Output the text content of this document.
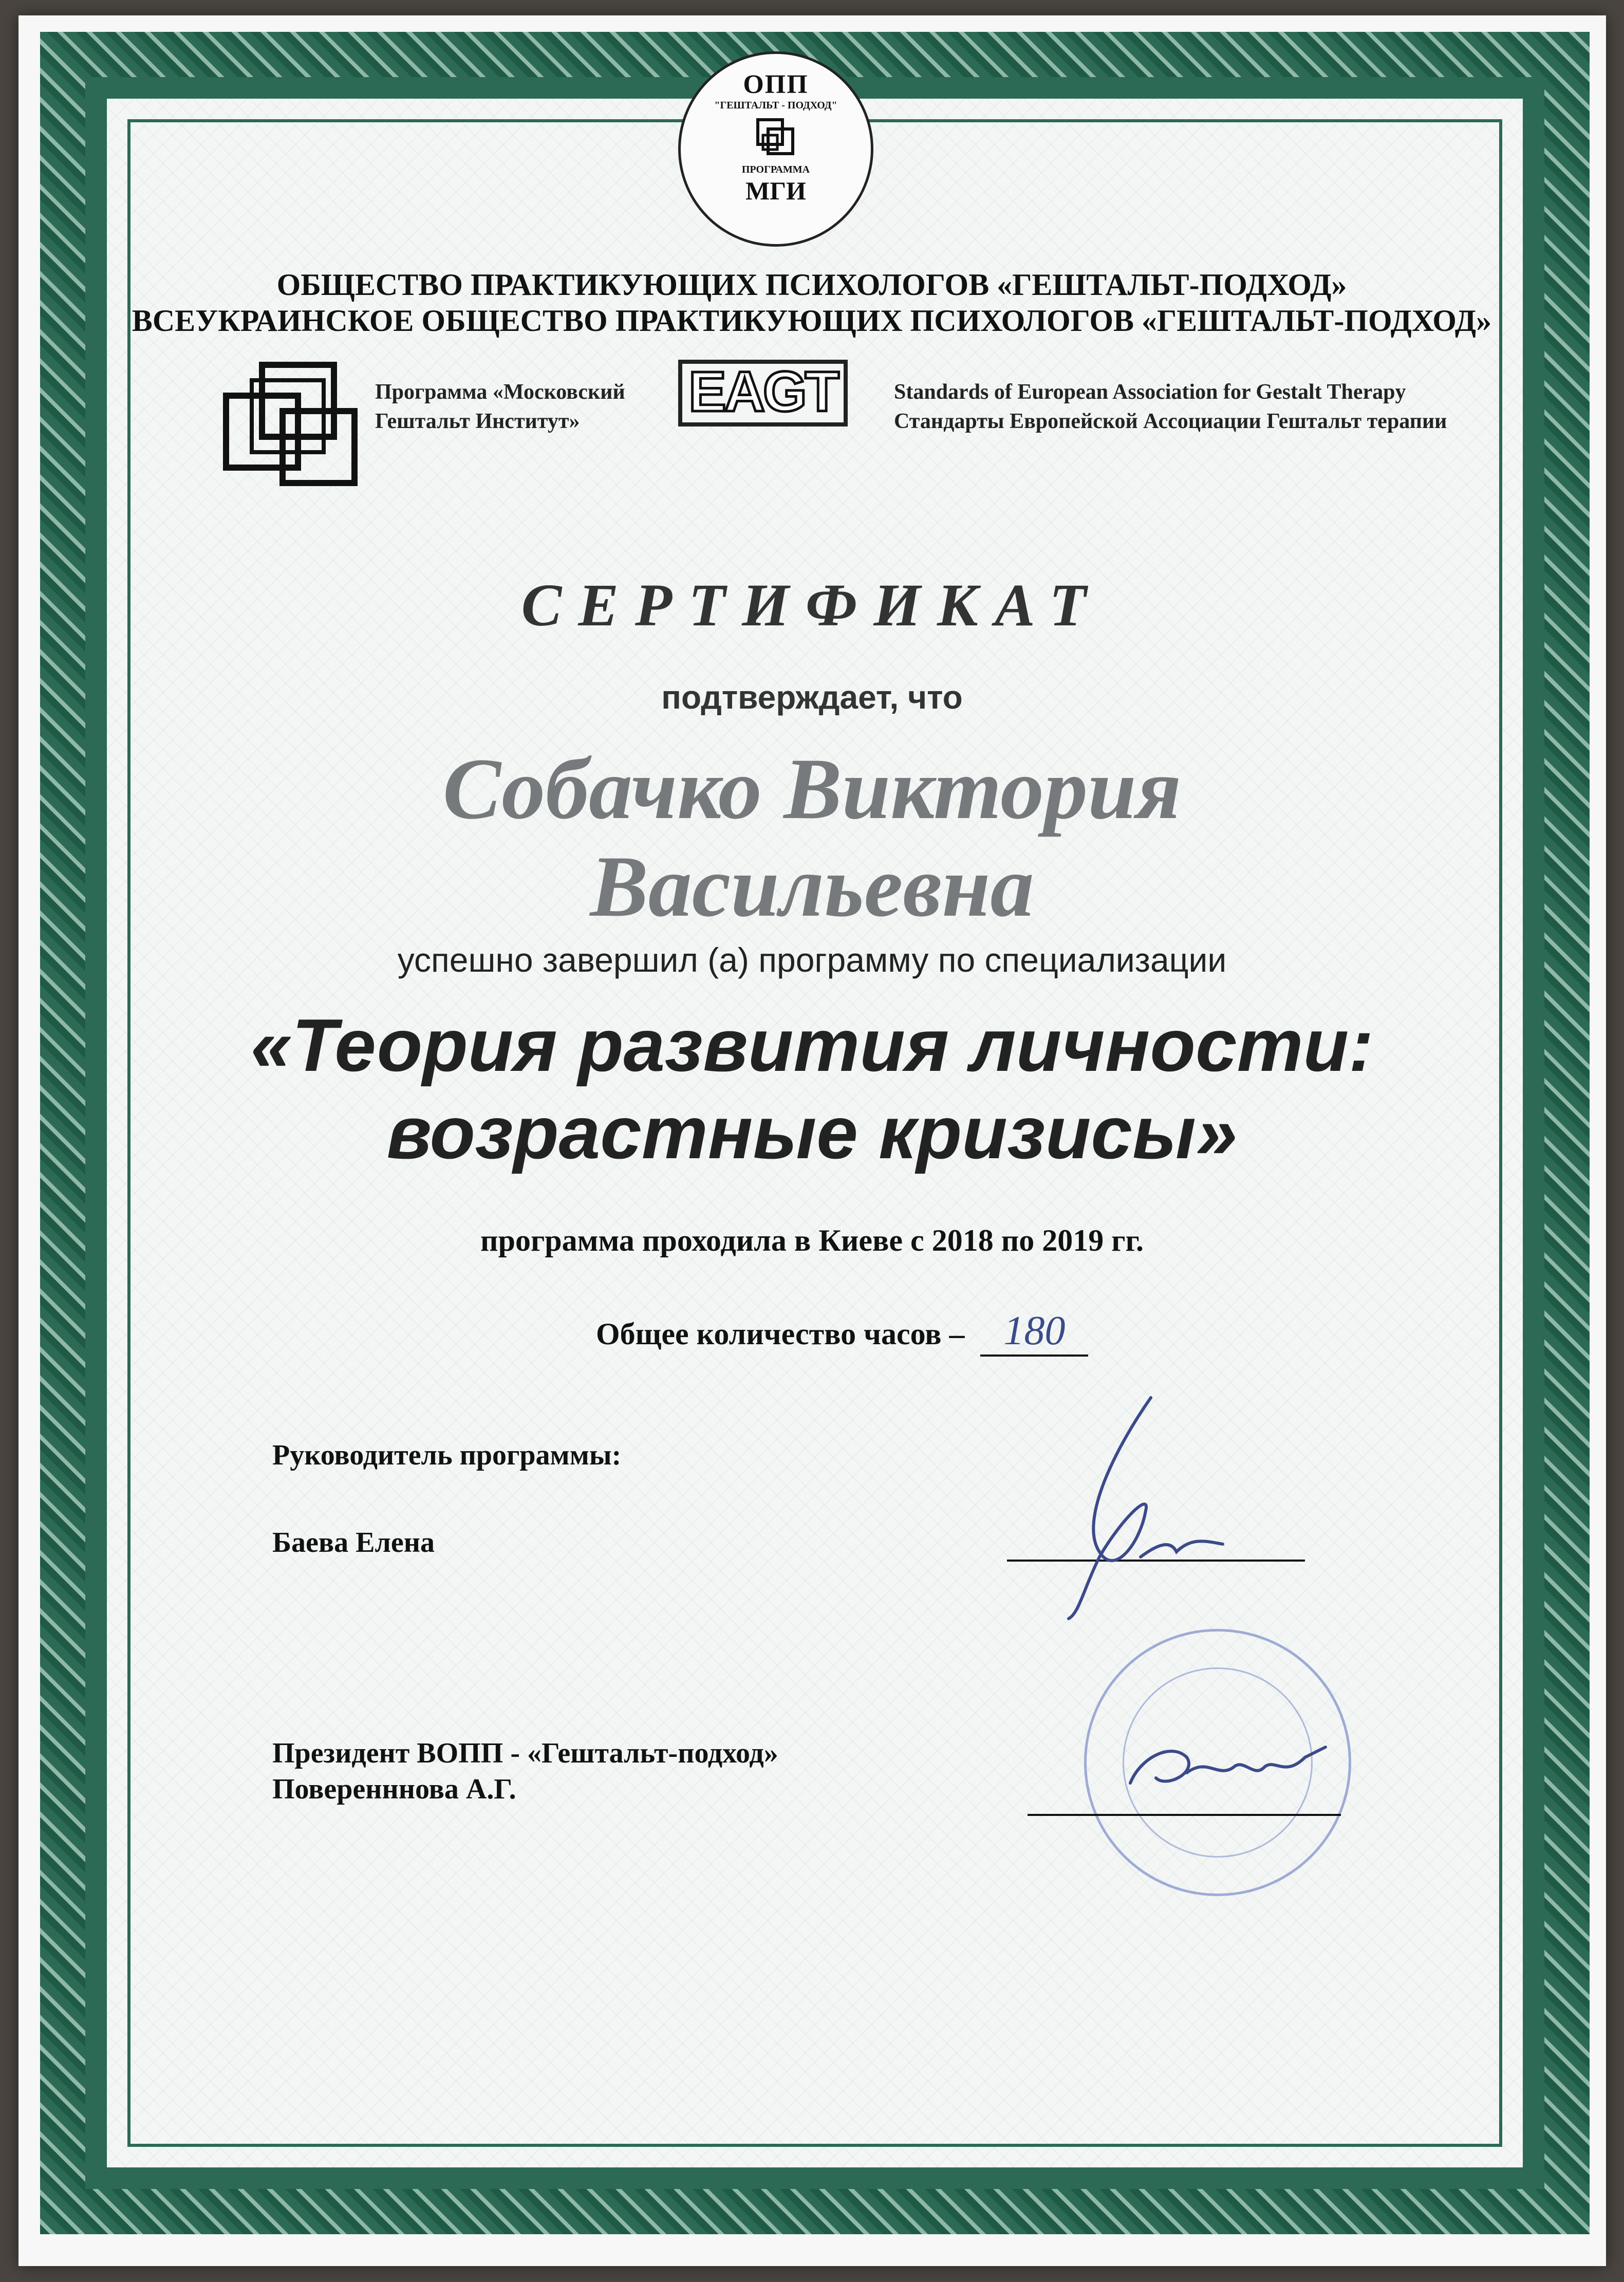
ОПП
"ГЕШТАЛЬТ - ПОДХОД"
ПРОГРАММА
МГИ
ОБЩЕСТВО ПРАКТИКУЮЩИХ ПСИХОЛОГОВ «ГЕШТАЛЬТ-ПОДХОД»
ВСЕУКРАИНСКОЕ ОБЩЕСТВО ПРАКТИКУЮЩИХ ПСИХОЛОГОВ «ГЕШТАЛЬТ-ПОДХОД»
Программа «Московский
Гештальт Институт»	EAGT	Standards of European Association for Gestalt Therapy
Стандарты Европейской Ассоциации Гештальт терапии
СЕРТИФИКАТ
подтверждает, что
Собачко Виктория
Васильевна
успешно завершил (а) программу по специализации
«Теория развития личности:
возрастные кризисы»
программа проходила в Киеве с 2018 по 2019 гг.
Общее количество часов – 180
Руководитель программы:
Баева Елена
Президент ВОПП - «Гештальт-подход»
Поверенннова А.Г.
